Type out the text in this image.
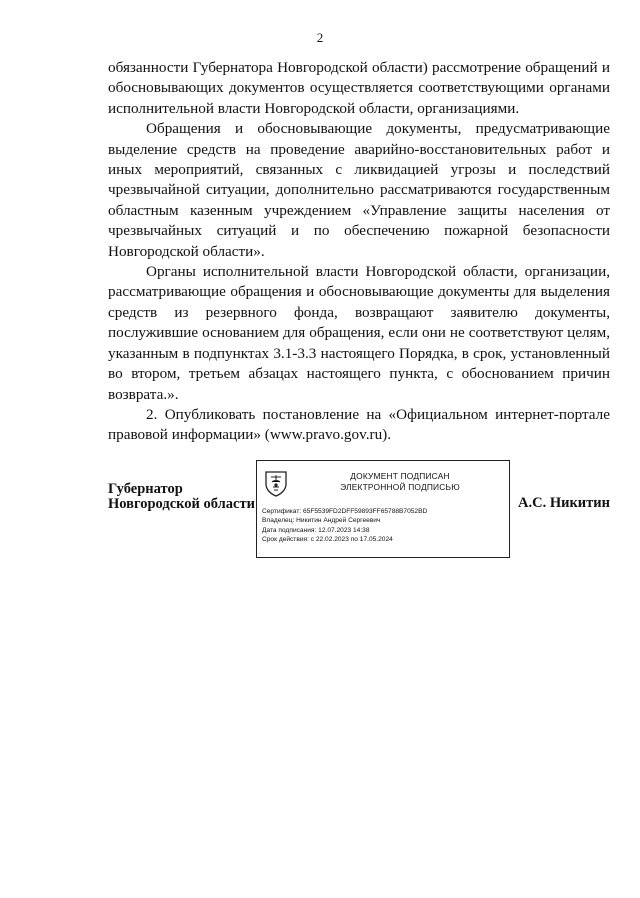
2

обязанности Губернатора Новгородской области) рассмотрение обращений и обосновывающих документов осуществляется соответствующими органами исполнительной власти Новгородской области, организациями.

Обращения и обосновывающие документы, предусматривающие выделение средств на проведение аварийно-восстановительных работ и иных мероприятий, связанных с ликвидацией угрозы и последствий чрезвычайной ситуации, дополнительно рассматриваются государственным областным казенным учреждением «Управление защиты населения от чрезвычайных ситуаций и по обеспечению пожарной безопасности Новгородской области».

Органы исполнительной власти Новгородской области, организации, рассматривающие обращения и обосновывающие документы для выделения средств из резервного фонда, возвращают заявителю документы, послужившие основанием для обращения, если они не соответствуют целям, указанным в подпунктах 3.1-3.3 настоящего Порядка, в срок, установленный во втором, третьем абзацах настоящего пункта, с обоснованием причин возврата.».

2. Опубликовать постановление на «Официальном интернет-портале правовой информации» (www.pravo.gov.ru).

Губернатор
Новгородской области
ДОКУМЕНТ ПОДПИСАН
ЭЛЕКТРОННОЙ ПОДПИСЬЮ
Сертификат: 65F5539FD2DFF59893FF65788B7052BD
Владелец: Никитин Андрей Сергеевич
Дата подписания: 12.07.2023 14:38
Срок действия: с 22.02.2023 по 17.05.2024
А.С. Никитин
